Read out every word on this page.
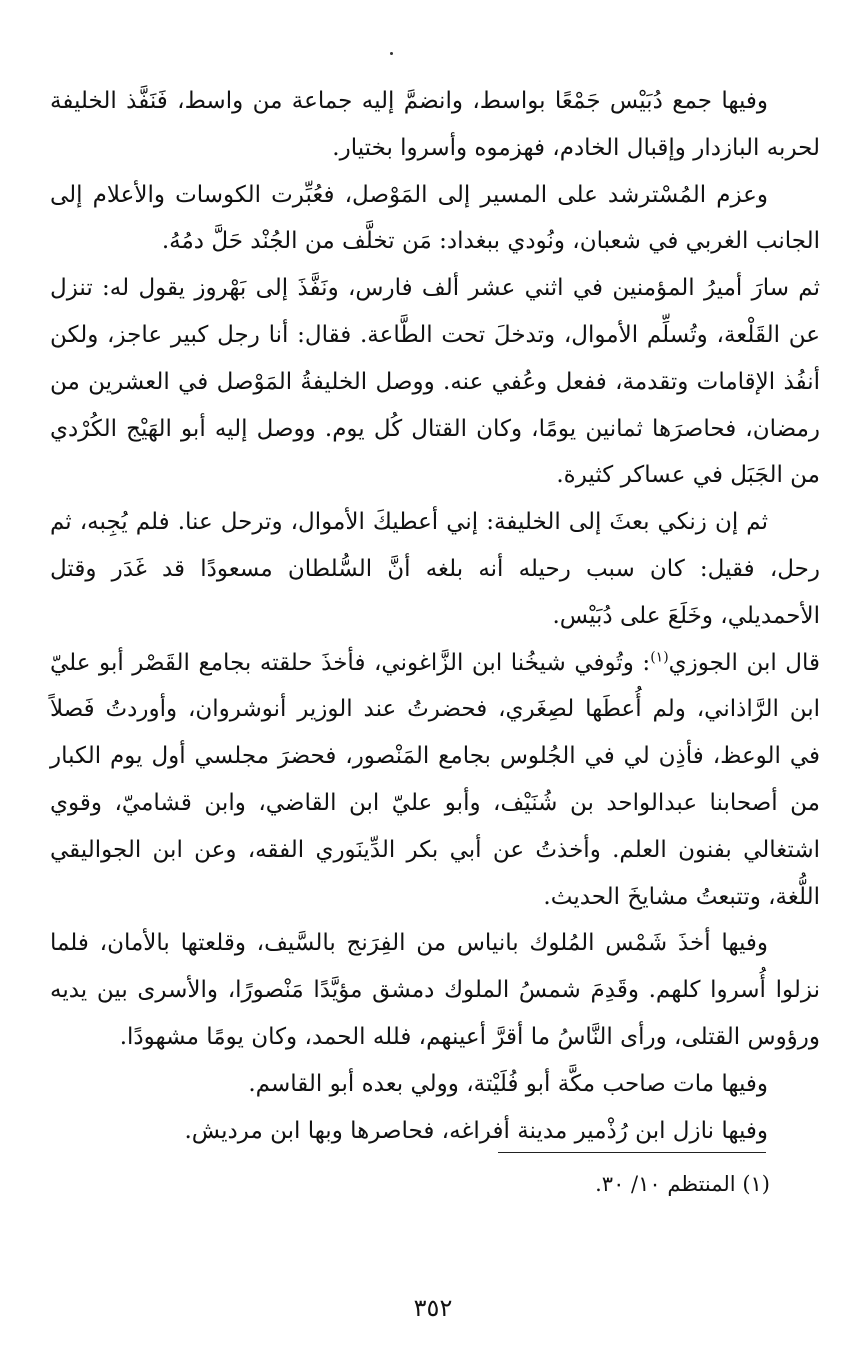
وفيها جمع دُبَيْس جَمْعًا بواسط، وانضمَّ إليه جماعة من واسط، فَنَفَّذ الخليفة لحربه البازدار وإقبال الخادم، فهزموه وأسروا بختيار.

وعزم المُسْترشد على المسير إلى المَوْصل، فعُبِّرت الكوسات والأعلام إلى الجانب الغربي في شعبان، ونُودي ببغداد: مَن تخلَّف من الجُنْد حَلَّ دمُهُ.

ثم سارَ أميرُ المؤمنين في اثني عشر ألف فارس، ونَفَّذَ إلى بَهْروز يقول له: تنزل عن القَلْعة، وتُسلِّم الأموال، وتدخلَ تحت الطَّاعة. فقال: أنا رجل كبير عاجز، ولكن أنفُذ الإقامات وتقدمة، ففعل وعُفي عنه. ووصل الخليفةُ المَوْصل في العشرين من رمضان، فحاصرَها ثمانين يومًا، وكان القتال كُل يوم. ووصل إليه أبو الهَيْج الكُرْدي من الجَبَل في عساكر كثيرة.

ثم إن زنكي بعثَ إلى الخليفة: إني أعطيكَ الأموال، وترحل عنا. فلم يُجِبه، ثم رحل، فقيل: كان سبب رحيله أنه بلغه أنَّ السُّلطان مسعودًا قد غَدَر وقتل الأحمديلي، وخَلَعَ على دُبَيْس.

قال ابن الجوزي$^{(١)}$: وتُوفي شيخُنا ابن الزَّاغوني، فأخذَ حلقته بجامع القَصْر أبو عليّ ابن الرَّاذاني، ولم أُعطَها لصِغَري، فحضرتُ عند الوزير أنوشروان، وأوردتُ فَصلاً في الوعظ، فأذِن لي في الجُلوس بجامع المَنْصور، فحضرَ مجلسي أول يوم الكبار من أصحابنا عبدالواحد بن شُنَيْف، وأبو عليّ ابن القاضي، وابن قشاميّ، وقوي اشتغالي بفنون العلم. وأخذتُ عن أبي بكر الدِّينَوري الفقه، وعن ابن الجواليقي اللُّغة، وتتبعتُ مشايخَ الحديث.

وفيها أخذَ شَمْس المُلوك بانياس من الفِرَنج بالسَّيف، وقلعتها بالأمان، فلما نزلوا أُسروا كلهم. وقَدِمَ شمسُ الملوك دمشق مؤيَّدًا مَنْصورًا، والأسرى بين يديه ورؤوس القتلى، ورأى النَّاسُ ما أقرَّ أعينهم، فلله الحمد، وكان يومًا مشهودًا.

وفيها مات صاحب مكَّة أبو فُلَيْتة، وولي بعده أبو القاسم.

وفيها نازل ابن رُذْمير مدينة أفراغه، فحاصرها وبها ابن مرديش.

(١) المنتظم ١٠/ ٣٠.
٣٥٢
